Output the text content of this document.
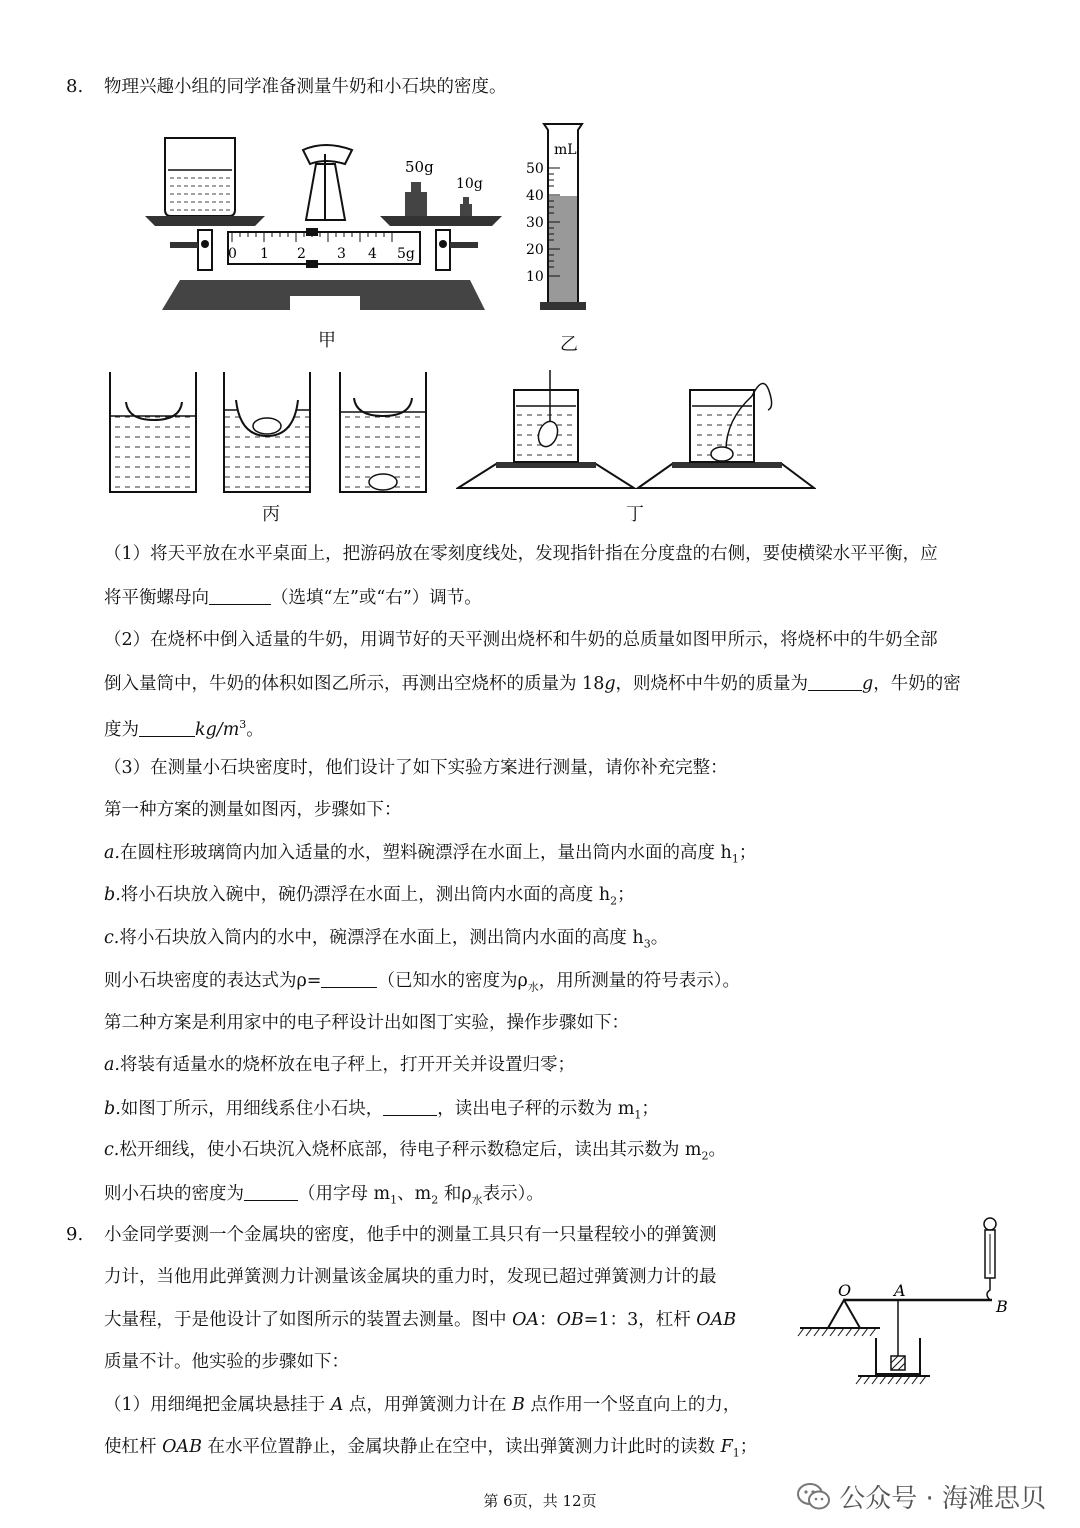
8. 物理兴趣小组的同学准备测量牛奶和小石块的密度。
50g
10g
0 1 2 3 4 5g
甲
mL
50
40
30
20
10
乙
丙	丁
（1）将天平放在水平桌面上，把游码放在零刻度线处，发现指针指在分度盘的右侧，要使横梁水平平衡，应
将平衡螺母向	（选填“左”或“右”）调节。
（2）在烧杯中倒入适量的牛奶，用调节好的天平测出烧杯和牛奶的总质量如图甲所示，将烧杯中的牛奶全部
倒入量筒中，牛奶的体积如图乙所示，再测出空烧杯的质量为 18g，则烧杯中牛奶的质量为	g，牛奶的密
度为	$kg/m^3$。
（3）在测量小石块密度时，他们设计了如下实验方案进行测量，请你补充完整：
第一种方案的测量如图丙，步骤如下：
a.在圆柱形玻璃筒内加入适量的水，塑料碗漂浮在水面上，量出筒内水面的高度 $h_1$；
b.将小石块放入碗中，碗仍漂浮在水面上，测出筒内水面的高度 $h_2$；
c.将小石块放入筒内的水中，碗漂浮在水面上，测出筒内水面的高度 $h_3$。
则小石块密度的表达式为ρ=	（已知水的密度为$\rho_水$，用所测量的符号表示）。
第二种方案是利用家中的电子秤设计出如图丁实验，操作步骤如下：
a.将装有适量水的烧杯放在电子秤上，打开开关并设置归零；
b.如图丁所示，用细线系住小石块，	，读出电子秤的示数为 $m_1$；
c.松开细线，使小石块沉入烧杯底部，待电子秤示数稳定后，读出其示数为 $m_2$。
则小石块的密度为	（用字母 $m_1$、$m_2$ 和$\rho_水$表示）。
9. 小金同学要测一个金属块的密度，他手中的测量工具只有一只量程较小的弹簧测
力计，当他用此弹簧测力计测量该金属块的重力时，发现已超过弹簧测力计的最
大量程，于是他设计了如图所示的装置去测量。图中 OA：OB=1：3，杠杆 OAB
质量不计。他实验的步骤如下：
（1）用细绳把金属块悬挂于 A 点，用弹簧测力计在 B 点作用一个竖直向上的力，
使杠杆 OAB 在水平位置静止，金属块静止在空中，读出弹簧测力计此时的读数 $F_1$；
O	A
B
第 6页，共 12页	公众号 · 海滩思贝
